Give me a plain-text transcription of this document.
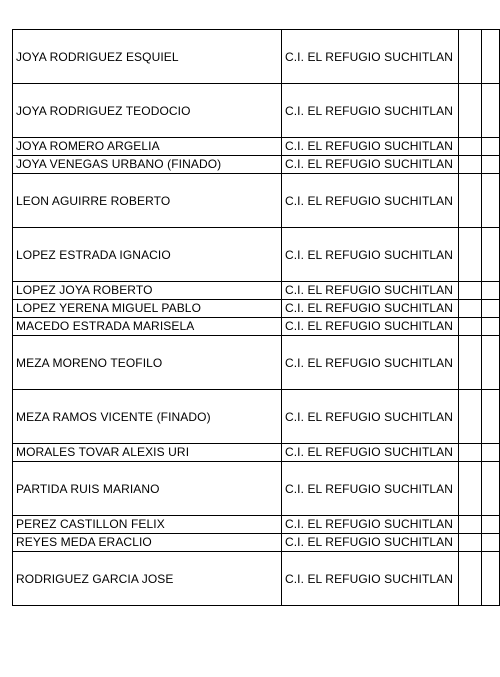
JOYA RODRIGUEZ ESQUIEL	C.I. EL REFUGIO SUCHITLAN		
JOYA RODRIGUEZ TEODOCIO	C.I. EL REFUGIO SUCHITLAN		
JOYA ROMERO ARGELIA	C.I. EL REFUGIO SUCHITLAN		
JOYA VENEGAS URBANO (FINADO)	C.I. EL REFUGIO SUCHITLAN		
LEON AGUIRRE ROBERTO	C.I. EL REFUGIO SUCHITLAN		
LOPEZ ESTRADA IGNACIO	C.I. EL REFUGIO SUCHITLAN		
LOPEZ JOYA ROBERTO	C.I. EL REFUGIO SUCHITLAN		
LOPEZ YERENA MIGUEL PABLO	C.I. EL REFUGIO SUCHITLAN		
MACEDO ESTRADA MARISELA	C.I. EL REFUGIO SUCHITLAN		
MEZA MORENO TEOFILO	C.I. EL REFUGIO SUCHITLAN		
MEZA RAMOS VICENTE (FINADO)	C.I. EL REFUGIO SUCHITLAN		
MORALES TOVAR ALEXIS URI	C.I. EL REFUGIO SUCHITLAN		
PARTIDA RUIS MARIANO	C.I. EL REFUGIO SUCHITLAN		
PEREZ CASTILLON FELIX	C.I. EL REFUGIO SUCHITLAN		
REYES MEDA ERACLIO	C.I. EL REFUGIO SUCHITLAN		
RODRIGUEZ GARCIA JOSE	C.I. EL REFUGIO SUCHITLAN		
